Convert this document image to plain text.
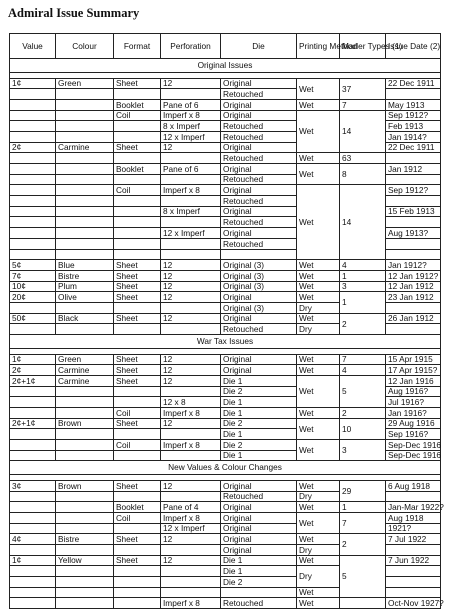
Admiral Issue Summary
Value	Colour	Format	Perforation	Die	Printing Method	Marler Types (1)	Issue Date (2)
Original Issues							

1¢	Green	Sheet	12	Original	Wet	37	22 Dec 1911
				Retouched			
		Booklet	Pane of 6	Original	Wet	7	May 1913
		Coil	Imperf x 8	Original	Wet	14	Sep 1912?
			8 x Imperf	Retouched			Feb 1913
			12 x Imperf	Retouched			Jan 1914?
2¢	Carmine	Sheet	12	Original			22 Dec 1911
				Retouched	Wet	63	
		Booklet	Pane of 6	Original	Wet	8	Jan 1912
				Retouched			
		Coil	Imperf x 8	Original	Wet	14	Sep 1912?
				Retouched			
			8 x Imperf	Original			15 Feb 1913
				Retouched			
			12 x Imperf	Original			Aug 1913?
				Retouched			

5¢	Blue	Sheet	12	Original (3)	Wet	4	Jan 1912?
7¢	Bistre	Sheet	12	Original (3)	Wet	1	12 Jan 1912?
10¢	Plum	Sheet	12	Original (3)	Wet	3	12 Jan 1912
20¢	Olive	Sheet	12	Original	Wet	1	23 Jan 1912
				Original (3)	Dry		
50¢	Black	Sheet	12	Original	Wet	2	26 Jan 1912
				Retouched	Dry		
War Tax Issues							

1¢	Green	Sheet	12	Original	Wet	7	15 Apr 1915
2¢	Carmine	Sheet	12	Original	Wet	4	17 Apr 1915?
2¢+1¢	Carmine	Sheet	12	Die 1	Wet	5	12 Jan 1916
				Die 2			Aug 1916?
			12 x 8	Die 1			Jul 1916?
		Coil	Imperf x 8	Die 1	Wet	2	Jan 1916?
2¢+1¢	Brown	Sheet	12	Die 2	Wet	10	29 Aug 1916
				Die 1			Sep 1916?
		Coil	Imperf x 8	Die 2	Wet	3	Sep-Dec 1916
				Die 1			Sep-Dec 1916
New Values & Colour Changes							

3¢	Brown	Sheet	12	Original	Wet	29	6 Aug 1918
				Retouched	Dry		
		Booklet	Pane of 4	Original	Wet	1	Jan-Mar 1922?
		Coil	Imperf x 8	Original	Wet	7	Aug 1918
			12 x Imperf	Original			1921?
4¢	Bistre	Sheet	12	Original	Wet	2	7 Jul 1922
				Original	Dry		
1¢	Yellow	Sheet	12	Die 1	Wet	5	7 Jun 1922
				Die 1	Dry		
				Die 2			
					Wet		
			Imperf x 8	Retouched	Wet		Oct-Nov 1927?
